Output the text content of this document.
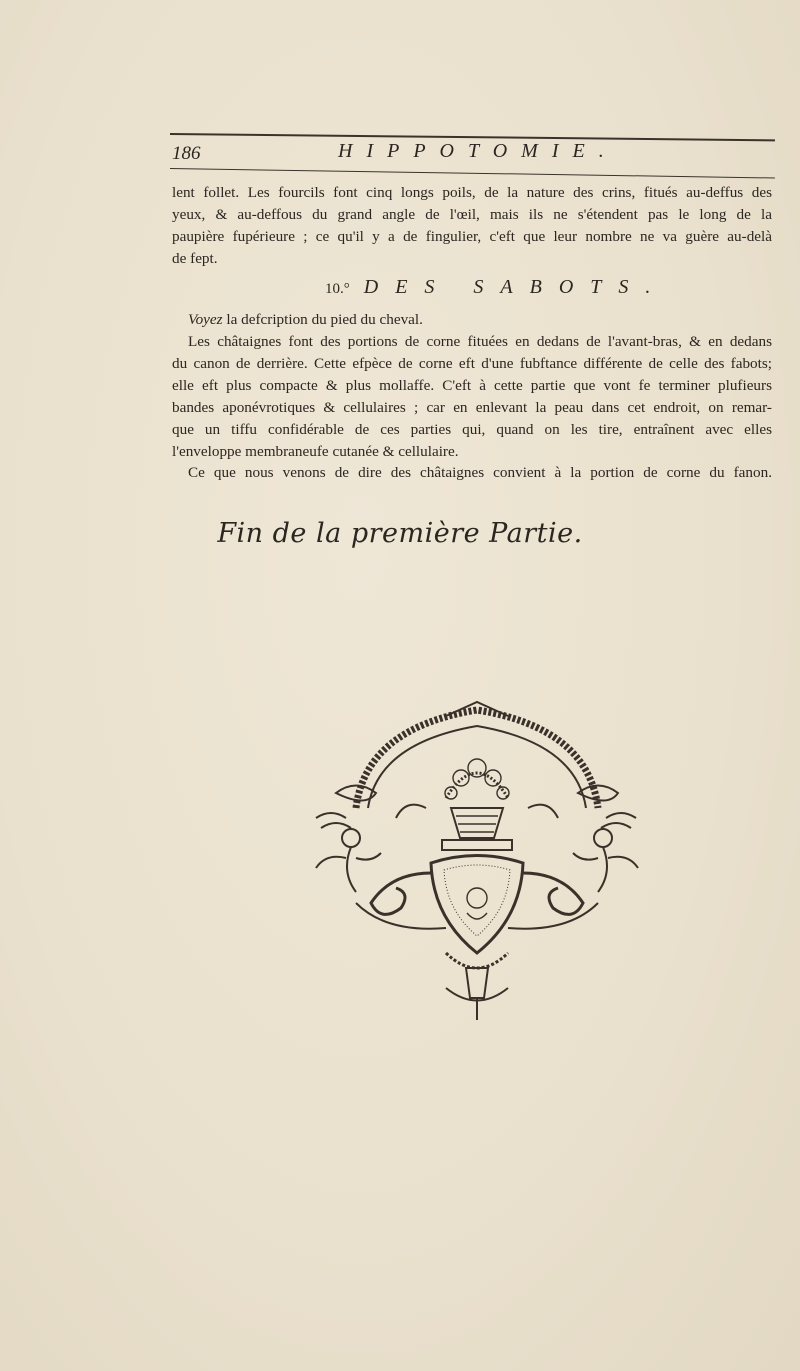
186	HIPPOTOMIE.
lent follet. Les fourcils font cinq longs poils, de la nature des crins, fitués au-deffus des
yeux, & au-deffous du grand angle de l'œil, mais ils ne s'étendent pas le long de la
paupière fupérieure ; ce qu'il y a de fingulier, c'eft que leur nombre ne va guère au-delà
de fept.
10.° DES SABOTS.
Voyez la defcription du pied du cheval.
Les châtaignes font des portions de corne fituées en dedans de l'avant-bras, & en dedans
du canon de derrière. Cette efpèce de corne eft d'une fubftance différente de celle des fabots;
elle eft plus compacte & plus mollaffe. C'eft à cette partie que vont fe terminer plufieurs
bandes aponévrotiques & cellulaires ; car en enlevant la peau dans cet endroit, on remar-
que un tiffu confidérable de ces parties qui, quand on les tire, entraînent avec elles
l'enveloppe membraneufe cutanée & cellulaire.
Ce que nous venons de dire des châtaignes convient à la portion de corne du fanon.
Fin de la première Partie.
